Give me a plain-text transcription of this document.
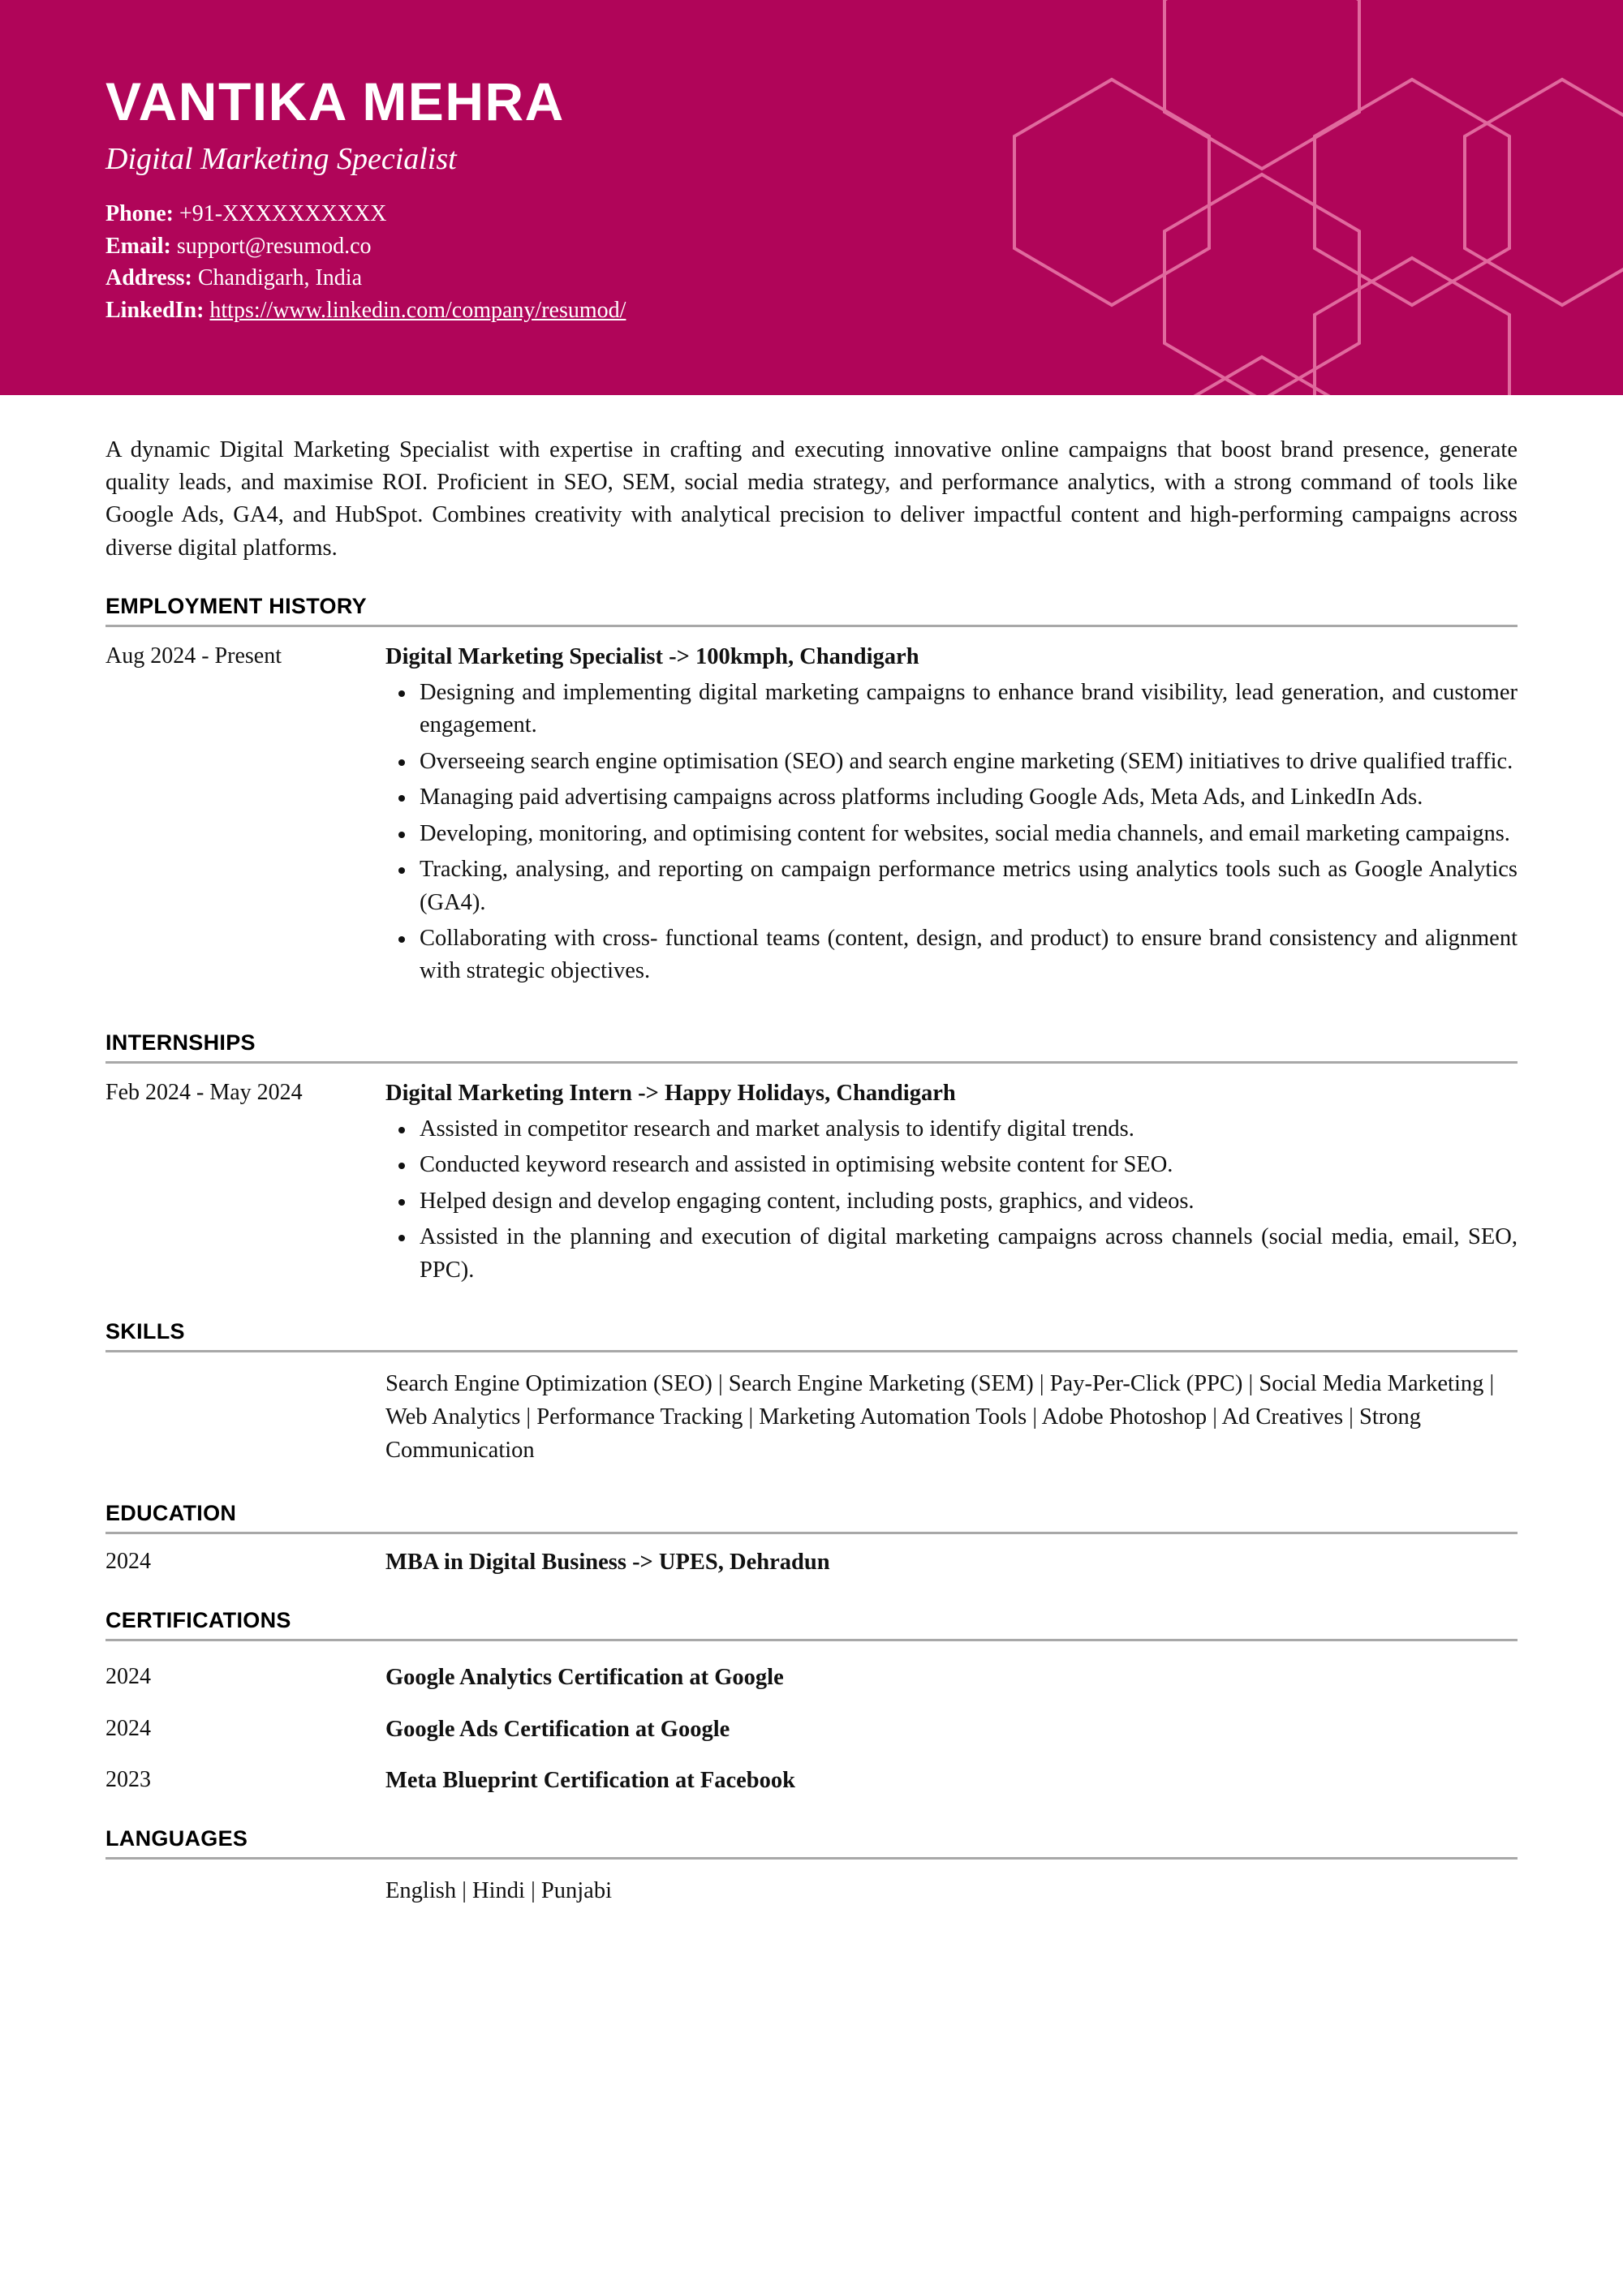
VANTIKA MEHRA
Digital Marketing Specialist
Phone: +91-XXXXXXXXXX
Email: support@resumod.co
Address: Chandigarh, India
LinkedIn: https://www.linkedin.com/company/resumod/
A dynamic Digital Marketing Specialist with expertise in crafting and executing innovative online campaigns that boost brand presence, generate quality leads, and maximise ROI. Proficient in SEO, SEM, social media strategy, and performance analytics, with a strong command of tools like Google Ads, GA4, and HubSpot. Combines creativity with analytical precision to deliver impactful content and high-performing campaigns across diverse digital platforms.
EMPLOYMENT HISTORY
Aug 2024 - Present	Digital Marketing Specialist -> 100kmph, Chandigarh
Designing and implementing digital marketing campaigns to enhance brand visibility, lead generation, and customer engagement.
Overseeing search engine optimisation (SEO) and search engine marketing (SEM) initiatives to drive qualified traffic.
Managing paid advertising campaigns across platforms including Google Ads, Meta Ads, and LinkedIn Ads.
Developing, monitoring, and optimising content for websites, social media channels, and email marketing campaigns.
Tracking, analysing, and reporting on campaign performance metrics using analytics tools such as Google Analytics (GA4).
Collaborating with cross- functional teams (content, design, and product) to ensure brand consistency and alignment with strategic objectives.
INTERNSHIPS
Feb 2024 - May 2024	Digital Marketing Intern -> Happy Holidays, Chandigarh
Assisted in competitor research and market analysis to identify digital trends.
Conducted keyword research and assisted in optimising website content for SEO.
Helped design and develop engaging content, including posts, graphics, and videos.
Assisted in the planning and execution of digital marketing campaigns across channels (social media, email, SEO, PPC).
SKILLS
Search Engine Optimization (SEO) | Search Engine Marketing (SEM) | Pay-Per-Click (PPC) | Social Media Marketing | Web Analytics | Performance Tracking | Marketing Automation Tools | Adobe Photoshop | Ad Creatives | Strong Communication
EDUCATION
2024	MBA in Digital Business -> UPES, Dehradun
CERTIFICATIONS
2024	Google Analytics Certification at Google
2024	Google Ads Certification at Google
2023	Meta Blueprint Certification at Facebook
LANGUAGES
English | Hindi | Punjabi
